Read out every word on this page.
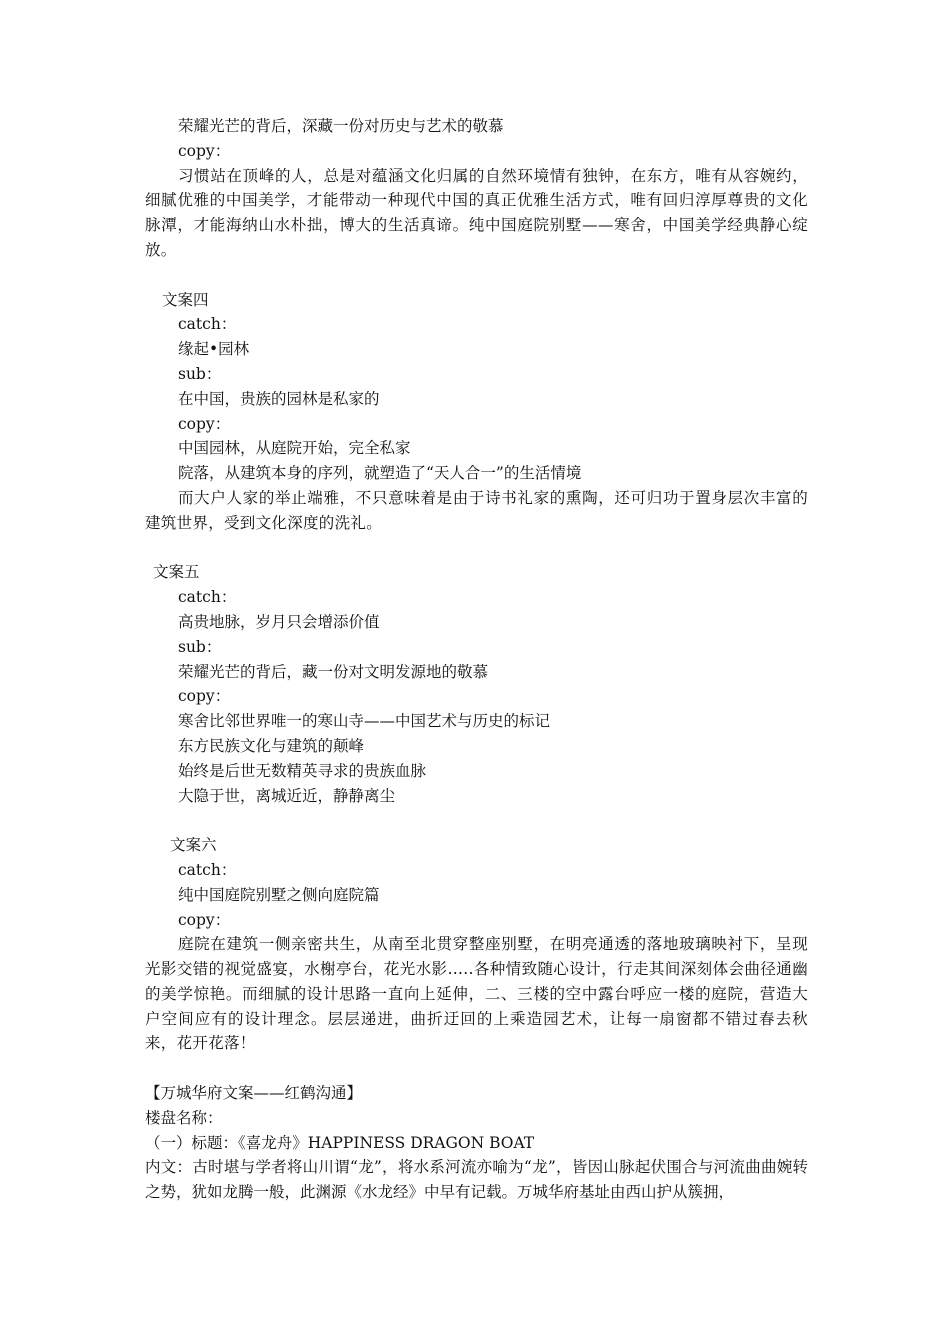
荣耀光芒的背后，深藏一份对历史与艺术的敬慕
copy：

习惯站在顶峰的人，总是对蕴涵文化归属的自然环境情有独钟，在东方，唯有从容婉约，细腻优雅的中国美学，才能带动一种现代中国的真正优雅生活方式，唯有回归淳厚尊贵的文化脉潭，才能海纳山水朴拙，博大的生活真谛。纯中国庭院别墅——寒舍，中国美学经典静心绽放。

文案四
catch：
缘起•园林
sub：
在中国，贵族的园林是私家的
copy：
中国园林，从庭院开始，完全私家
院落，从建筑本身的序列，就塑造了“天人合一”的生活情境

而大户人家的举止端雅，不只意味着是由于诗书礼家的熏陶，还可归功于置身层次丰富的建筑世界，受到文化深度的洗礼。

文案五
catch：
高贵地脉，岁月只会增添价值
sub：
荣耀光芒的背后，藏一份对文明发源地的敬慕
copy：
寒舍比邻世界唯一的寒山寺——中国艺术与历史的标记
东方民族文化与建筑的颠峰
始终是后世无数精英寻求的贵族血脉
大隐于世，离城近近，静静离尘
文案六
catch：
纯中国庭院别墅之侧向庭院篇
copy：

庭院在建筑一侧亲密共生，从南至北贯穿整座别墅，在明亮通透的落地玻璃映衬下，呈现光影交错的视觉盛宴，水榭亭台，花光水影…..各种情致随心设计，行走其间深刻体会曲径通幽的美学惊艳。而细腻的设计思路一直向上延伸，二、三楼的空中露台呼应一楼的庭院，营造大户空间应有的设计理念。层层递进，曲折迂回的上乘造园艺术，让每一扇窗都不错过春去秋来，花开花落！

【万城华府文案——红鹤沟通】
楼盘名称：
（一）标题：《喜龙舟》HAPPINESS DRAGON BOAT

内文：古时堪与学者将山川谓“龙”，将水系河流亦喻为“龙”，皆因山脉起伏围合与河流曲曲婉转之势，犹如龙腾一般，此渊源《水龙经》中早有记载。万城华府基址由西山护从簇拥，
